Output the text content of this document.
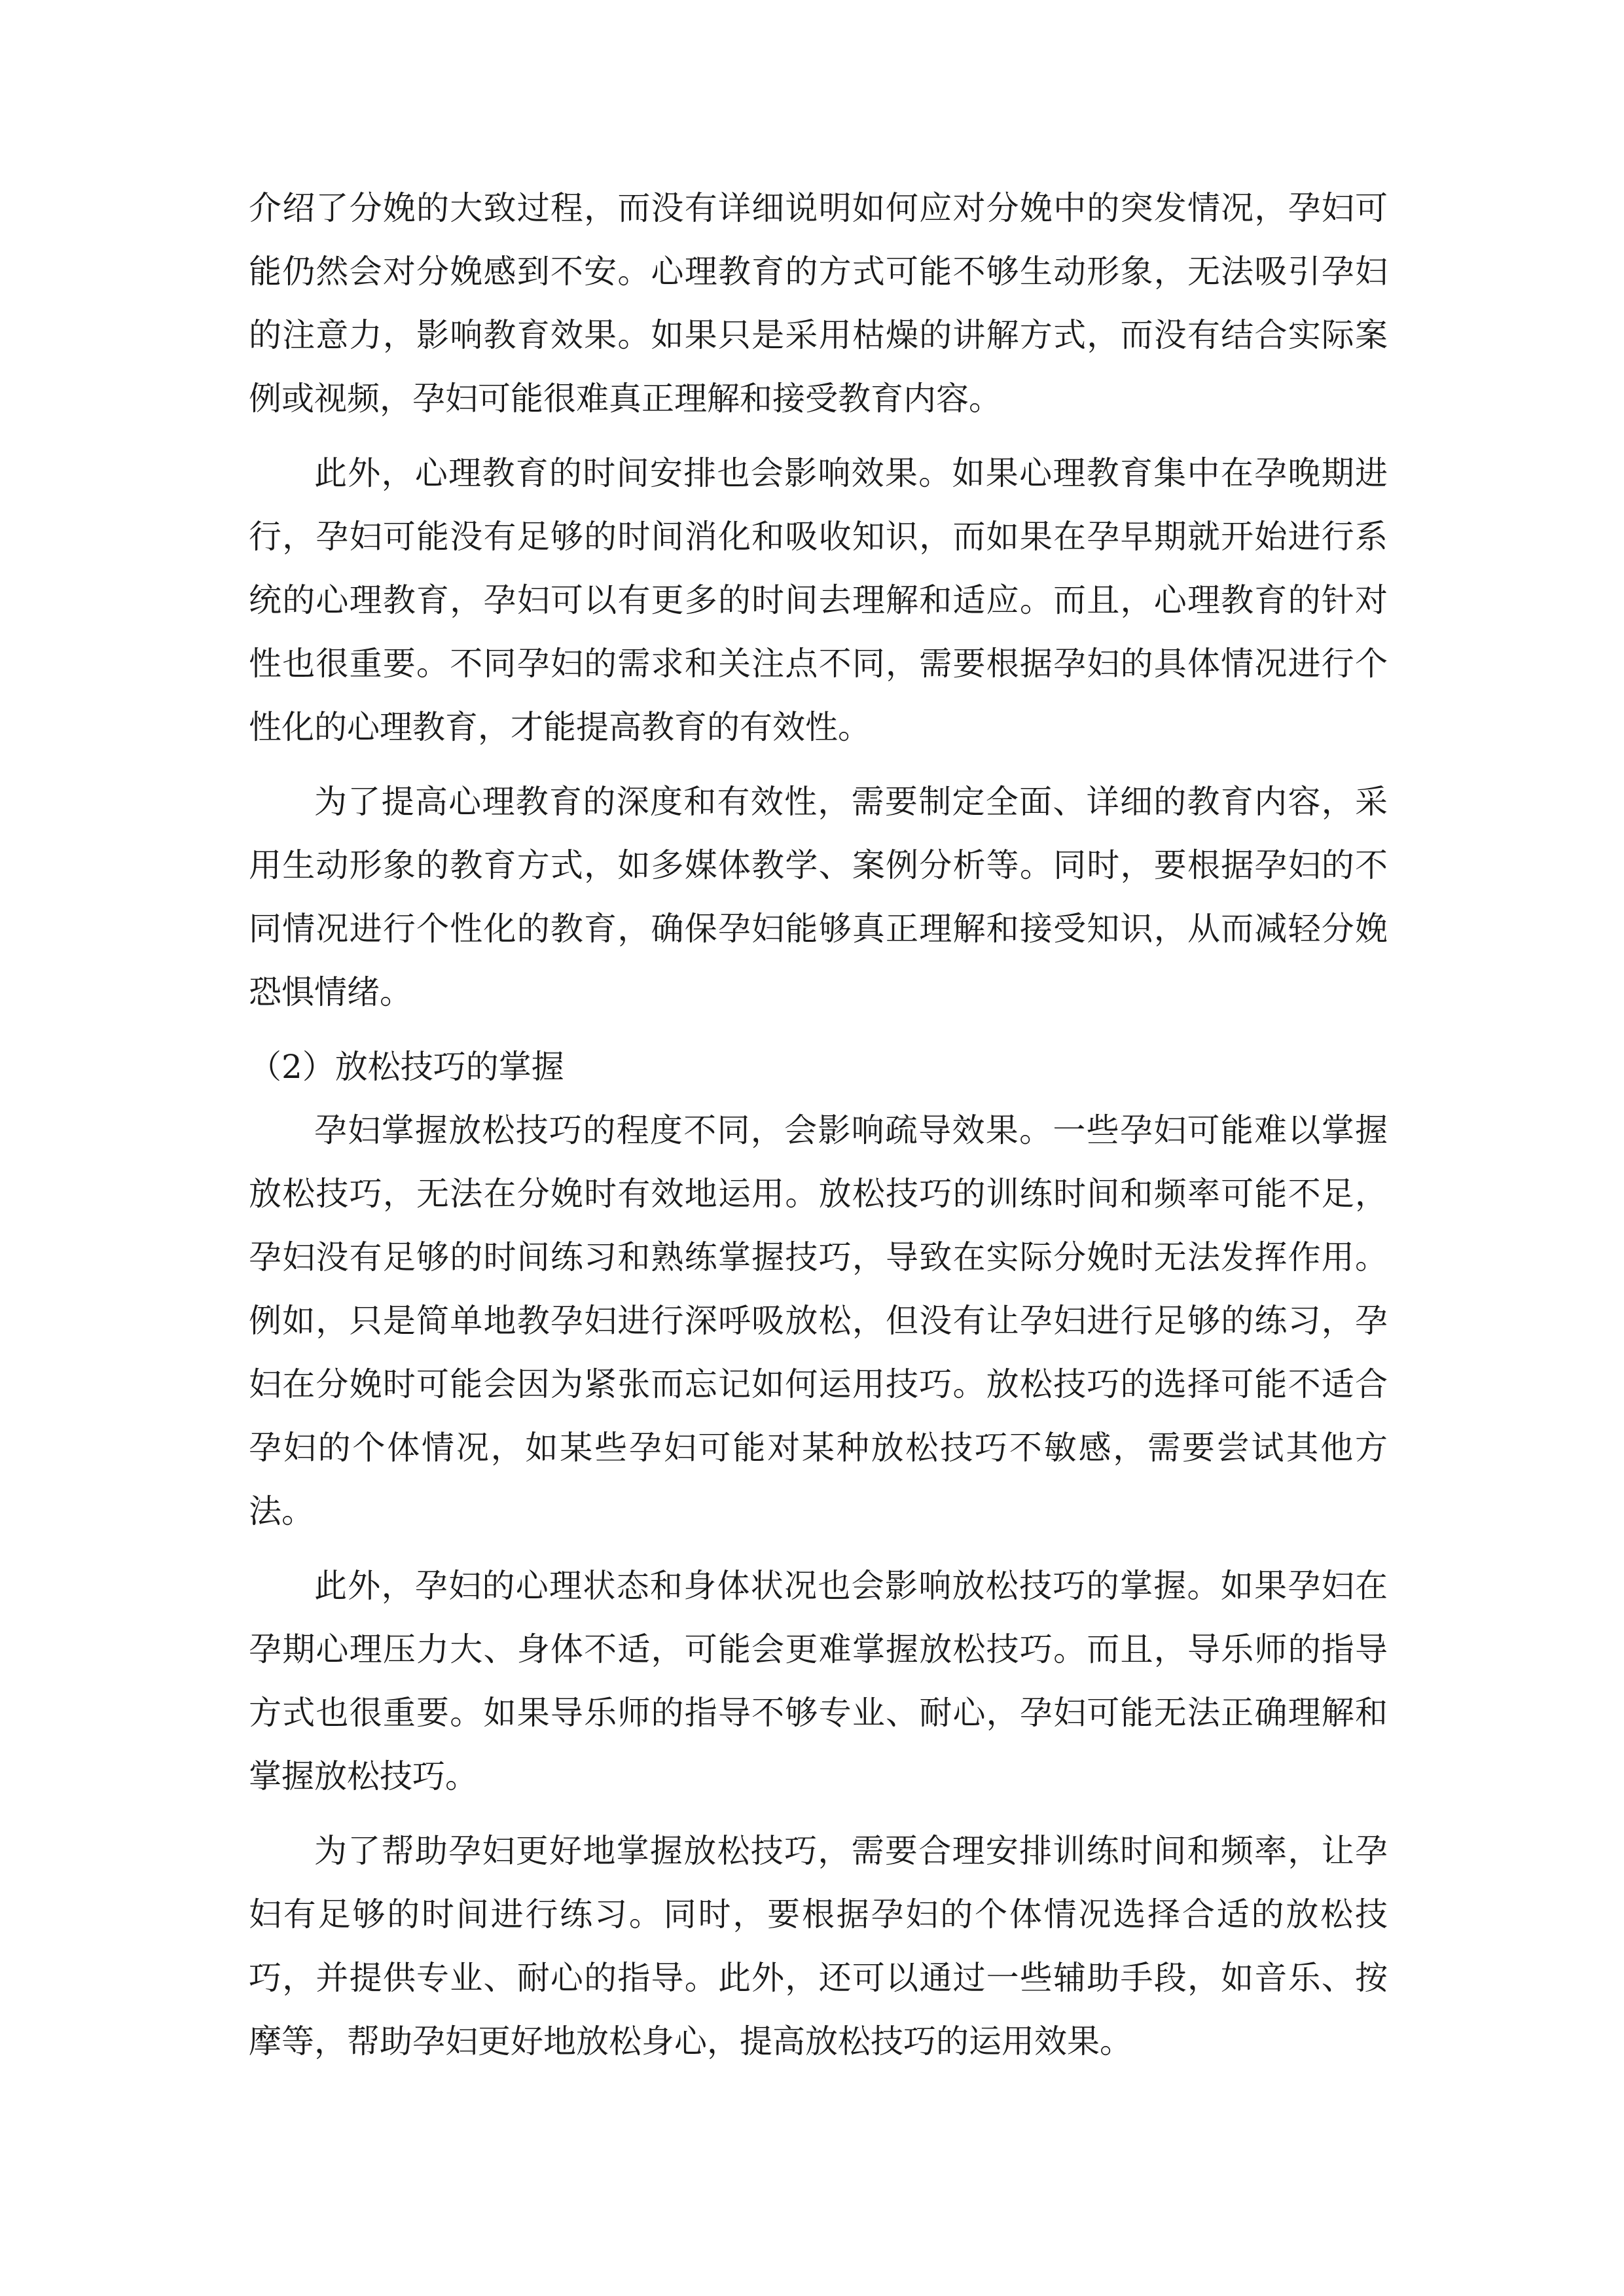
介绍了分娩的大致过程，而没有详细说明如何应对分娩中的突发情况，孕妇可能仍然会对分娩感到不安。心理教育的方式可能不够生动形象，无法吸引孕妇的注意力，影响教育效果。如果只是采用枯燥的讲解方式，而没有结合实际案例或视频，孕妇可能很难真正理解和接受教育内容。

此外，心理教育的时间安排也会影响效果。如果心理教育集中在孕晚期进行，孕妇可能没有足够的时间消化和吸收知识，而如果在孕早期就开始进行系统的心理教育，孕妇可以有更多的时间去理解和适应。而且，心理教育的针对性也很重要。不同孕妇的需求和关注点不同，需要根据孕妇的具体情况进行个性化的心理教育，才能提高教育的有效性。

为了提高心理教育的深度和有效性，需要制定全面、详细的教育内容，采用生动形象的教育方式，如多媒体教学、案例分析等。同时，要根据孕妇的不同情况进行个性化的教育，确保孕妇能够真正理解和接受知识，从而减轻分娩恐惧情绪。

（2）放松技巧的掌握

孕妇掌握放松技巧的程度不同，会影响疏导效果。一些孕妇可能难以掌握放松技巧，无法在分娩时有效地运用。放松技巧的训练时间和频率可能不足，孕妇没有足够的时间练习和熟练掌握技巧，导致在实际分娩时无法发挥作用。例如，只是简单地教孕妇进行深呼吸放松，但没有让孕妇进行足够的练习，孕妇在分娩时可能会因为紧张而忘记如何运用技巧。放松技巧的选择可能不适合孕妇的个体情况，如某些孕妇可能对某种放松技巧不敏感，需要尝试其他方法。

此外，孕妇的心理状态和身体状况也会影响放松技巧的掌握。如果孕妇在孕期心理压力大、身体不适，可能会更难掌握放松技巧。而且，导乐师的指导方式也很重要。如果导乐师的指导不够专业、耐心，孕妇可能无法正确理解和掌握放松技巧。

为了帮助孕妇更好地掌握放松技巧，需要合理安排训练时间和频率，让孕妇有足够的时间进行练习。同时，要根据孕妇的个体情况选择合适的放松技巧，并提供专业、耐心的指导。此外，还可以通过一些辅助手段，如音乐、按摩等，帮助孕妇更好地放松身心，提高放松技巧的运用效果。
